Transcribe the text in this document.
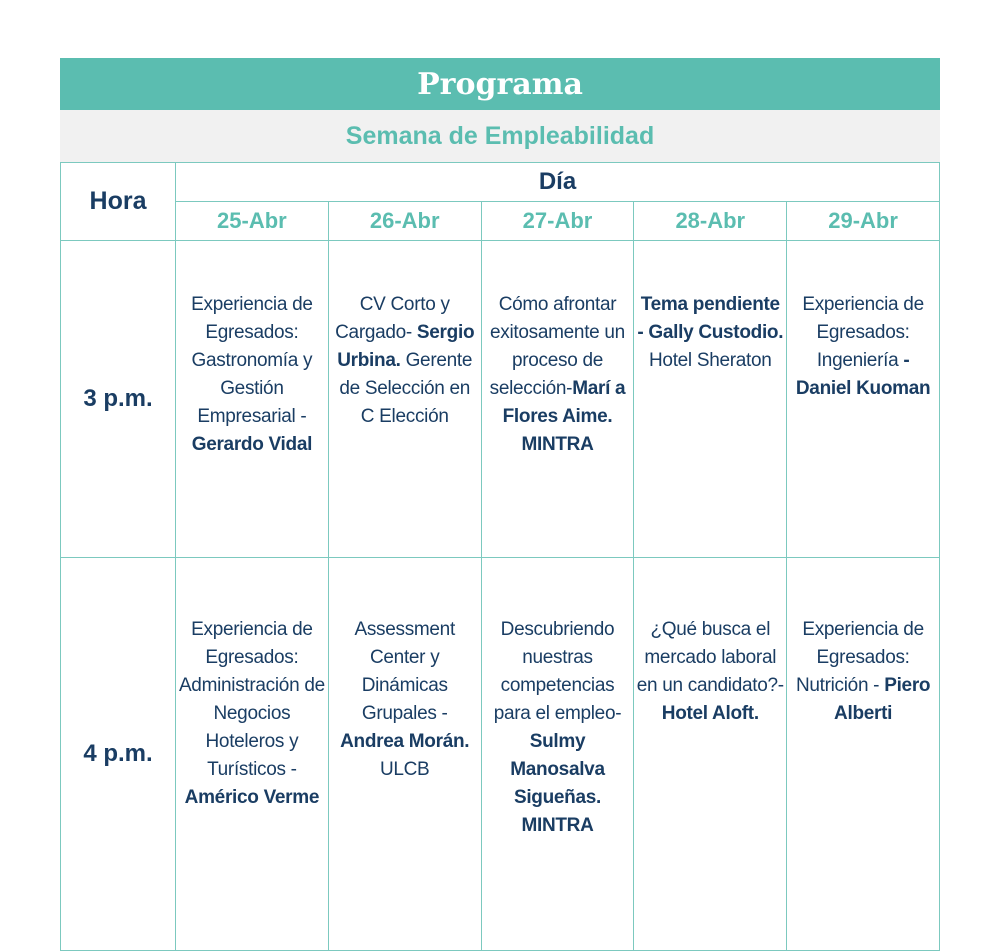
Programa
Semana de Empleabilidad
Hora	Día				
	25-Abr	26-Abr	27-Abr	28-Abr	29-Abr
3 p.m.	Experiencia de Egresados: Gastronomía y Gestión Empresarial - Gerardo Vidal	CV Corto y Cargado- Sergio Urbina. Gerente de Selección en C Elección	Cómo afrontar exitosamente un proceso de selección-Marí a Flores Aime. MINTRA	Tema pendiente - Gally Custodio. Hotel Sheraton	Experiencia de Egresados: Ingeniería - Daniel Kuoman
4 p.m.	Experiencia de Egresados: Administración de Negocios Hoteleros y Turísticos - Américo Verme	Assessment Center y Dinámicas Grupales - Andrea Morán. ULCB	Descubriendo nuestras competencias para el empleo- Sulmy Manosalva Sigueñas. MINTRA	¿Qué busca el mercado laboral en un candidato?- Hotel Aloft.	Experiencia de Egresados: Nutrición - Piero Alberti
